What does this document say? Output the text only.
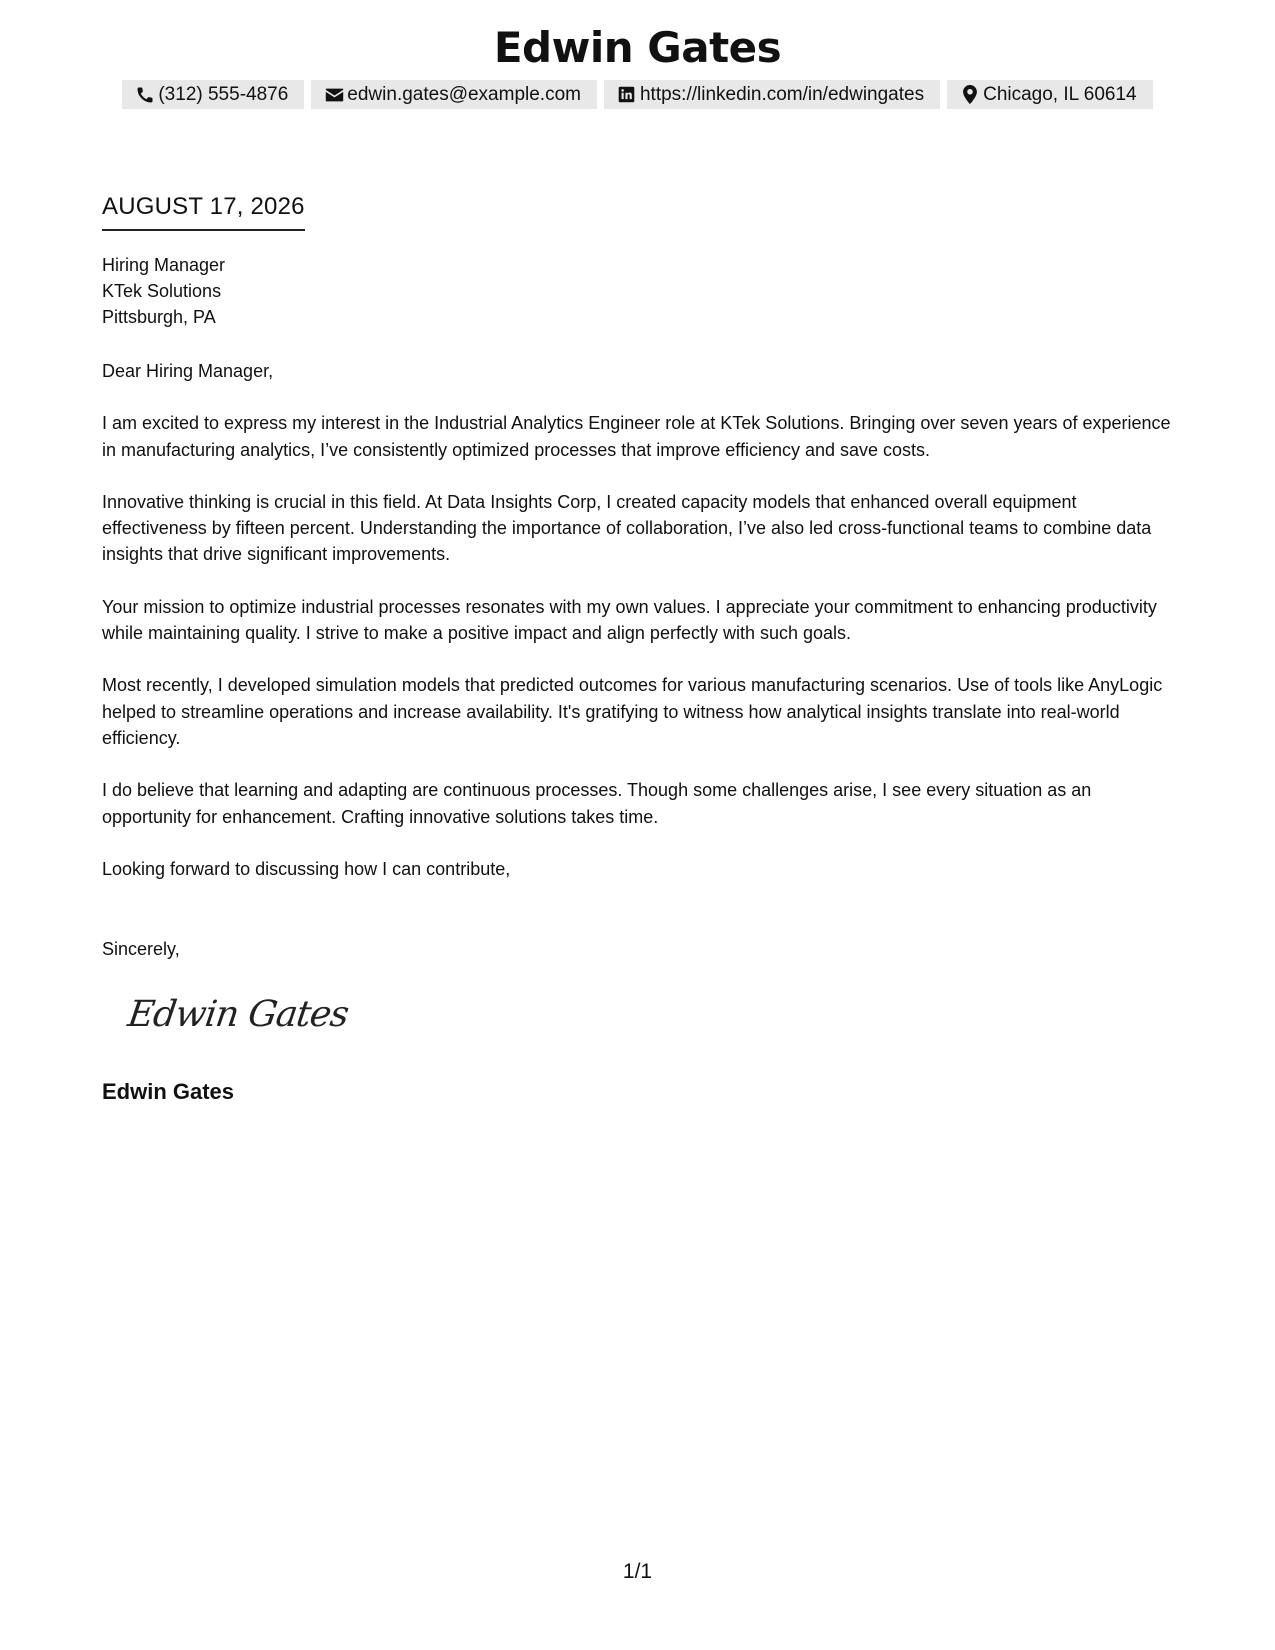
Edwin Gates
(312) 555-4876	edwin.gates@example.com	https://linkedin.com/in/edwingates	Chicago, IL 60614
AUGUST 17, 2026
Hiring Manager
KTek Solutions
Pittsburgh, PA

Dear Hiring Manager,

I am excited to express my interest in the Industrial Analytics Engineer role at KTek Solutions. Bringing over seven years of experience in manufacturing analytics, I’ve consistently optimized processes that improve efficiency and save costs.

Innovative thinking is crucial in this field. At Data Insights Corp, I created capacity models that enhanced overall equipment effectiveness by fifteen percent. Understanding the importance of collaboration, I’ve also led cross-functional teams to combine data insights that drive significant improvements.

Your mission to optimize industrial processes resonates with my own values. I appreciate your commitment to enhancing productivity while maintaining quality. I strive to make a positive impact and align perfectly with such goals.

Most recently, I developed simulation models that predicted outcomes for various manufacturing scenarios. Use of tools like AnyLogic helped to streamline operations and increase availability. It's gratifying to witness how analytical insights translate into real-world efficiency.

I do believe that learning and adapting are continuous processes. Though some challenges arise, I see every situation as an opportunity for enhancement. Crafting innovative solutions takes time.

Looking forward to discussing how I can contribute,

Sincerely,
Edwin Gates
Edwin Gates
1/1
